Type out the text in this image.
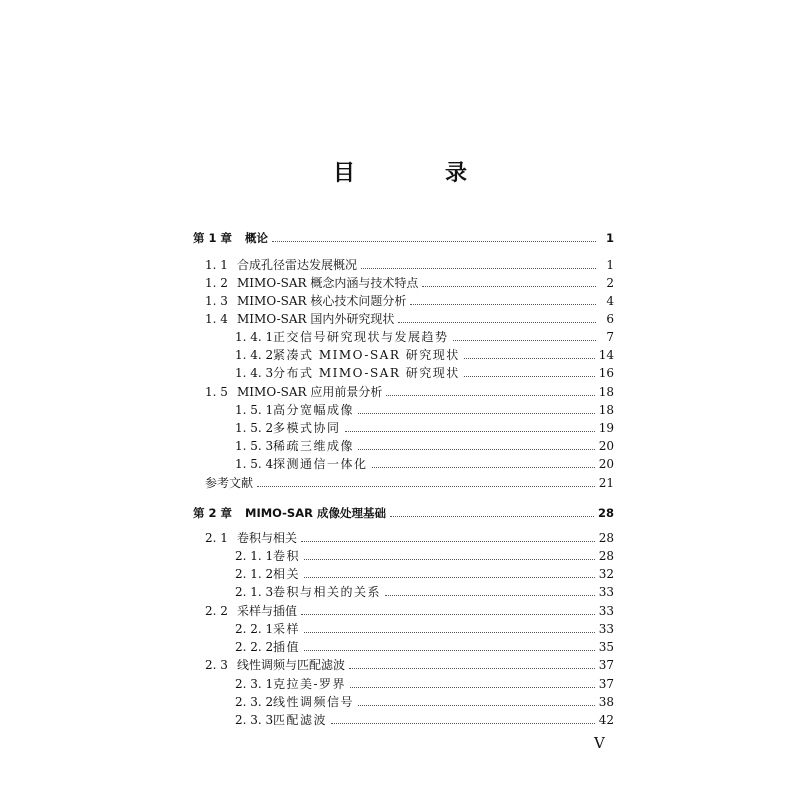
目　录
第 1 章	概论	1
1. 1 合成孔径雷达发展概况	1
1. 2 MIMO-SAR 概念内涵与技术特点	2
1. 3 MIMO-SAR 核心技术问题分析	4
1. 4 MIMO-SAR 国内外研究现状	6
1. 4. 1 正交信号研究现状与发展趋势	7
1. 4. 2 紧凑式 MIMO-SAR 研究现状	14
1. 4. 3 分布式 MIMO-SAR 研究现状	16
1. 5 MIMO-SAR 应用前景分析	18
1. 5. 1 高分宽幅成像	18
1. 5. 2 多模式协同	19
1. 5. 3 稀疏三维成像	20
1. 5. 4 探测通信一体化	20
参考文献	21
第 2 章	MIMO-SAR 成像处理基础	28
2. 1 卷积与相关	28
2. 1. 1 卷积	28
2. 1. 2 相关	32
2. 1. 3 卷积与相关的关系	33
2. 2 采样与插值	33
2. 2. 1 采样	33
2. 2. 2 插值	35
2. 3 线性调频与匹配滤波	37
2. 3. 1 克拉美-罗界	37
2. 3. 2 线性调频信号	38
2. 3. 3 匹配滤波	42
V
